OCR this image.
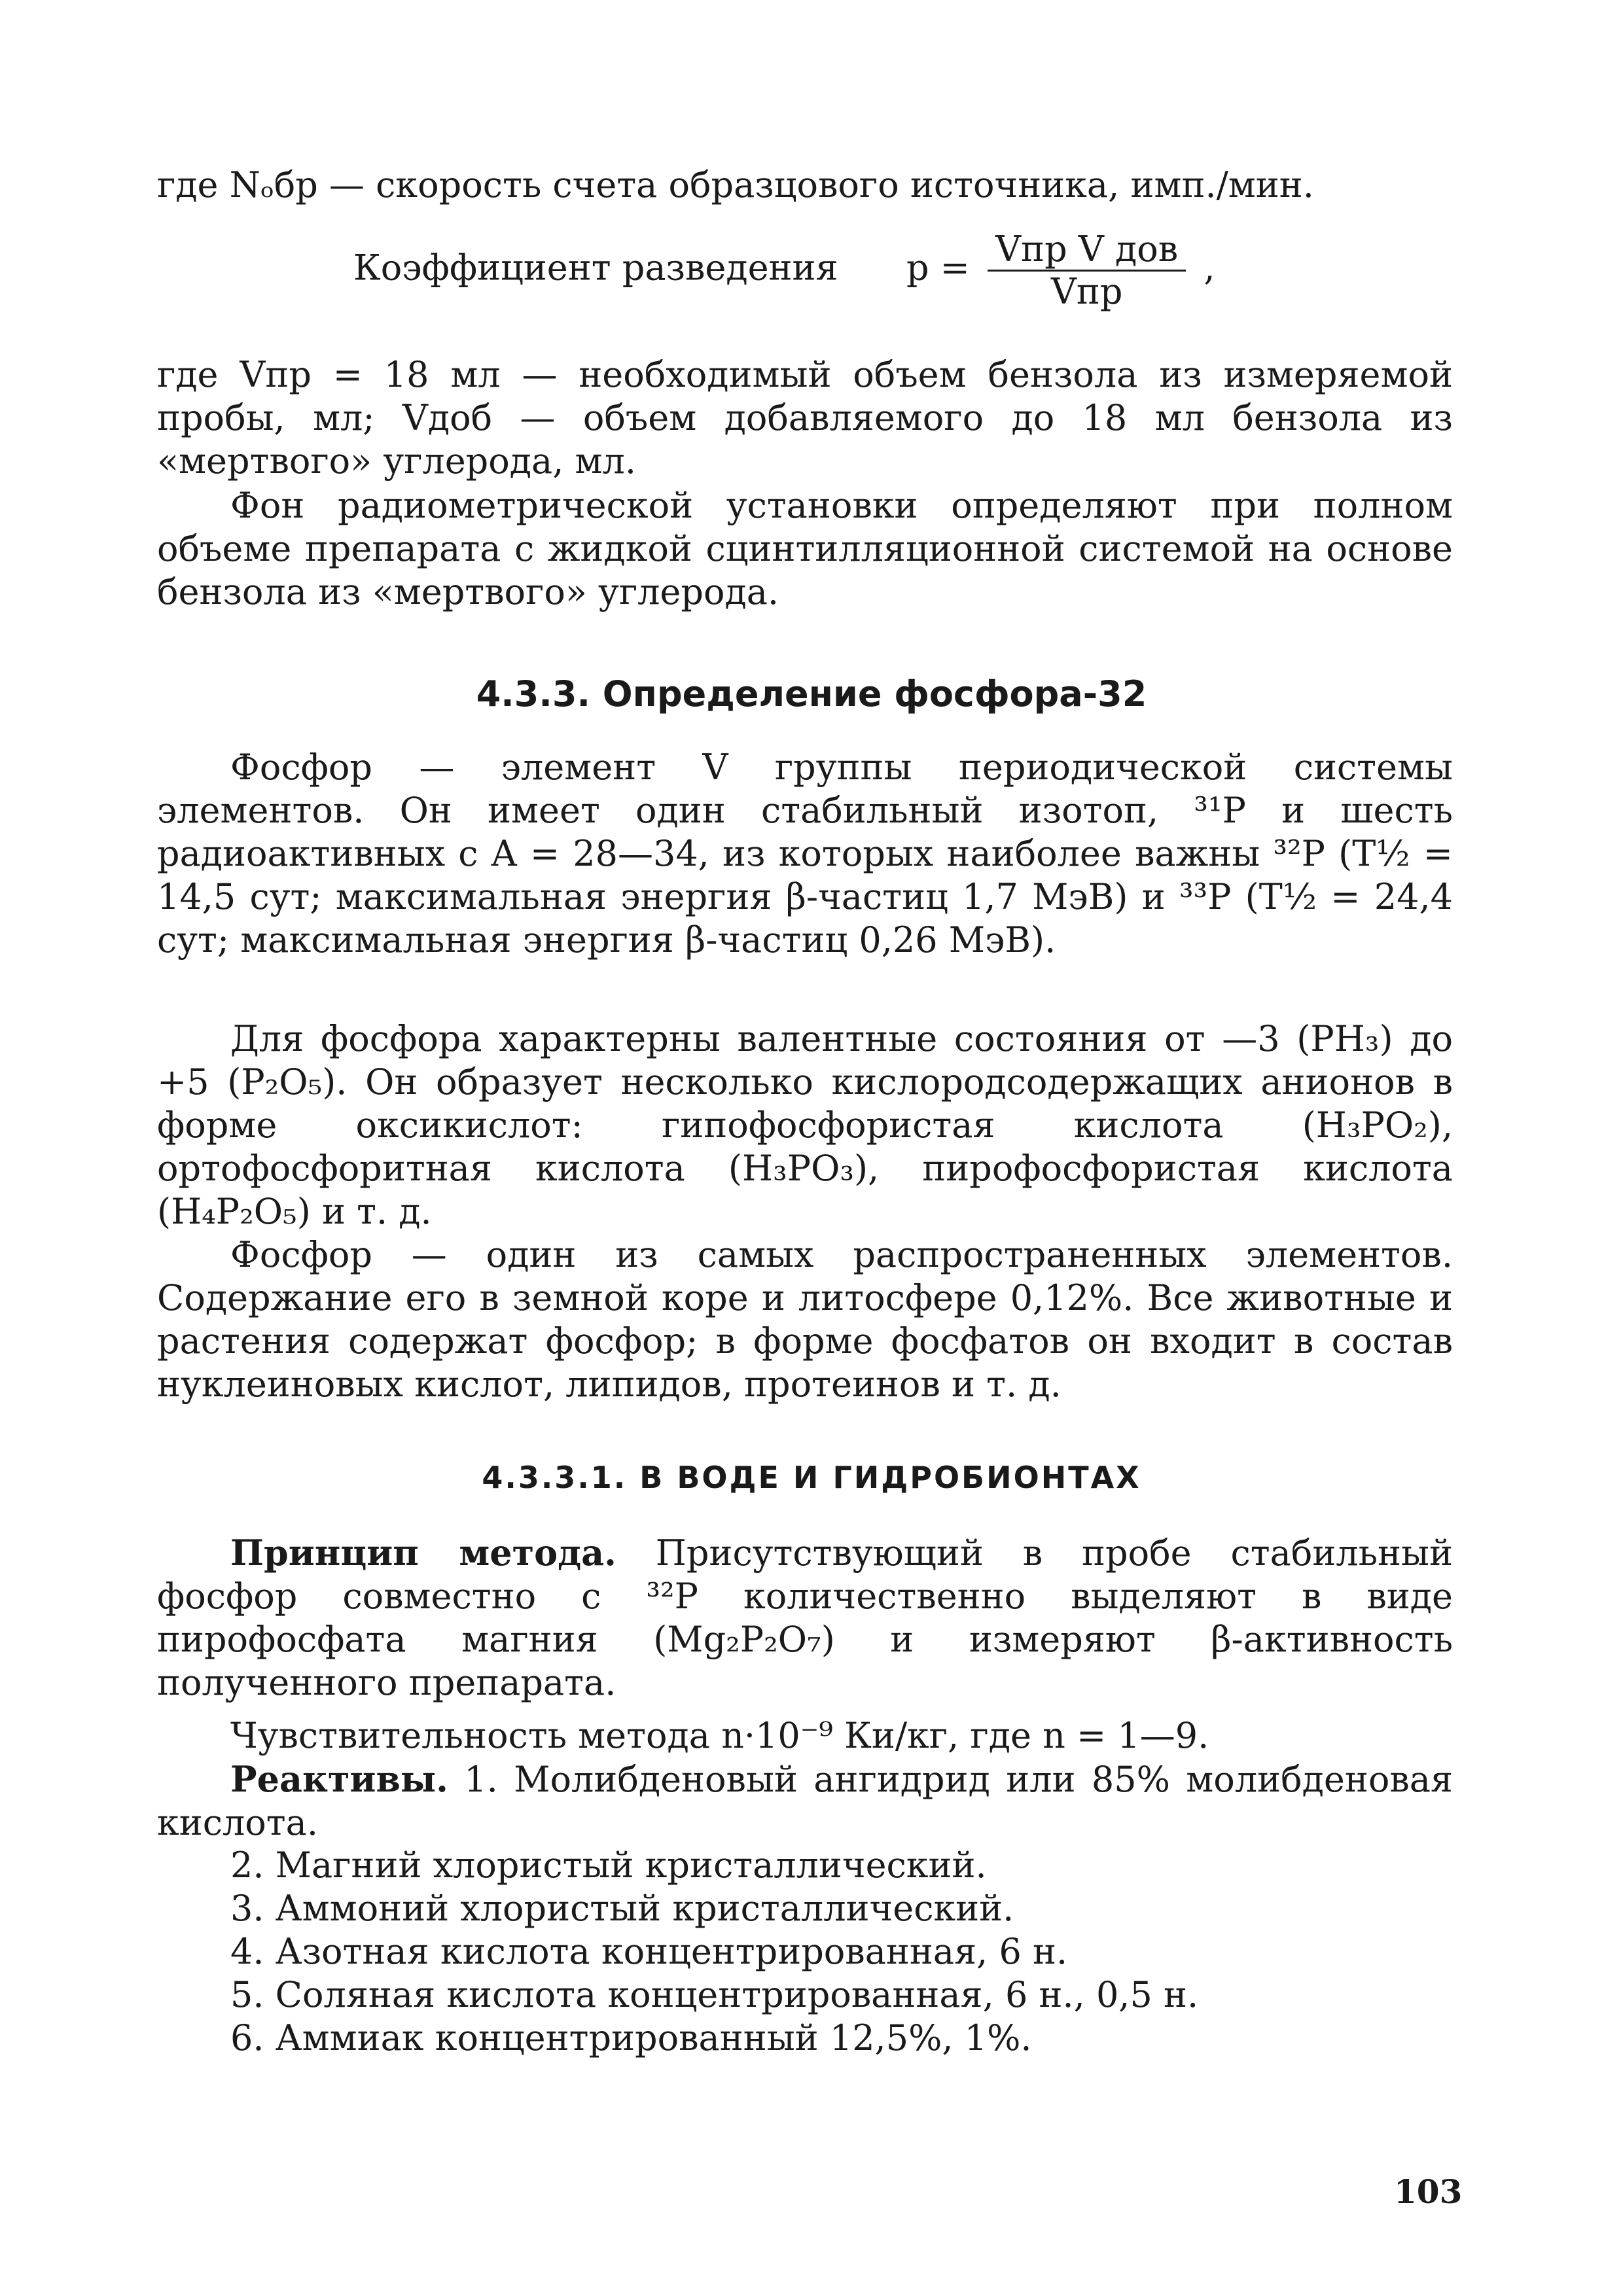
где Nₒбр — скорость счета образцового источника, имп./мин.
Коэффициент разведения $p = \frac{\text{Vпр V дов}}{\text{Vпр}}$ ,

где Vпр = 18 мл — необходимый объем бензола из измеряемой пробы, мл; Vдоб — объем добавляемого до 18 мл бензола из «мертвого» углерода, мл.

Фон радиометрической установки определяют при полном объеме препарата с жидкой сцинтилляционной системой на основе бензола из «мертвого» углерода.

4.3.3. Определение фосфора-32

Фосфор — элемент V группы периодической системы элементов. Он имеет один стабильный изотоп, ³¹P и шесть радиоактивных с A = 28—34, из которых наиболее важны ³²P (T½ = 14,5 сут; максимальная энергия β-частиц 1,7 МэВ) и ³³P (T½ = 24,4 сут; максимальная энергия β-частиц 0,26 МэВ).

Для фосфора характерны валентные состояния от —3 (PH₃) до +5 (P₂O₅). Он образует несколько кислородсодержащих анионов в форме оксикислот: гипофосфористая кислота (H₃PO₂), ортофосфоритная кислота (H₃PO₃), пирофосфористая кислота (H₄P₂O₅) и т. д.

Фосфор — один из самых распространенных элементов. Содержание его в земной коре и литосфере 0,12%. Все животные и растения содержат фосфор; в форме фосфатов он входит в состав нуклеиновых кислот, липидов, протеинов и т. д.

4.3.3.1. В ВОДЕ И ГИДРОБИОНТАХ

Принцип метода. Присутствующий в пробе стабильный фосфор совместно с ³²P количественно выделяют в виде пирофосфата магния (Mg₂P₂O₇) и измеряют β-активность полученного препарата.

Чувствительность метода n·10⁻⁹ Ки/кг, где n = 1—9.

Реактивы. 1. Молибденовый ангидрид или 85% молибденовая кислота.

2. Магний хлористый кристаллический.
3. Аммоний хлористый кристаллический.
4. Азотная кислота концентрированная, 6 н.
5. Соляная кислота концентрированная, 6 н., 0,5 н.
6. Аммиак концентрированный 12,5%, 1%.
103
